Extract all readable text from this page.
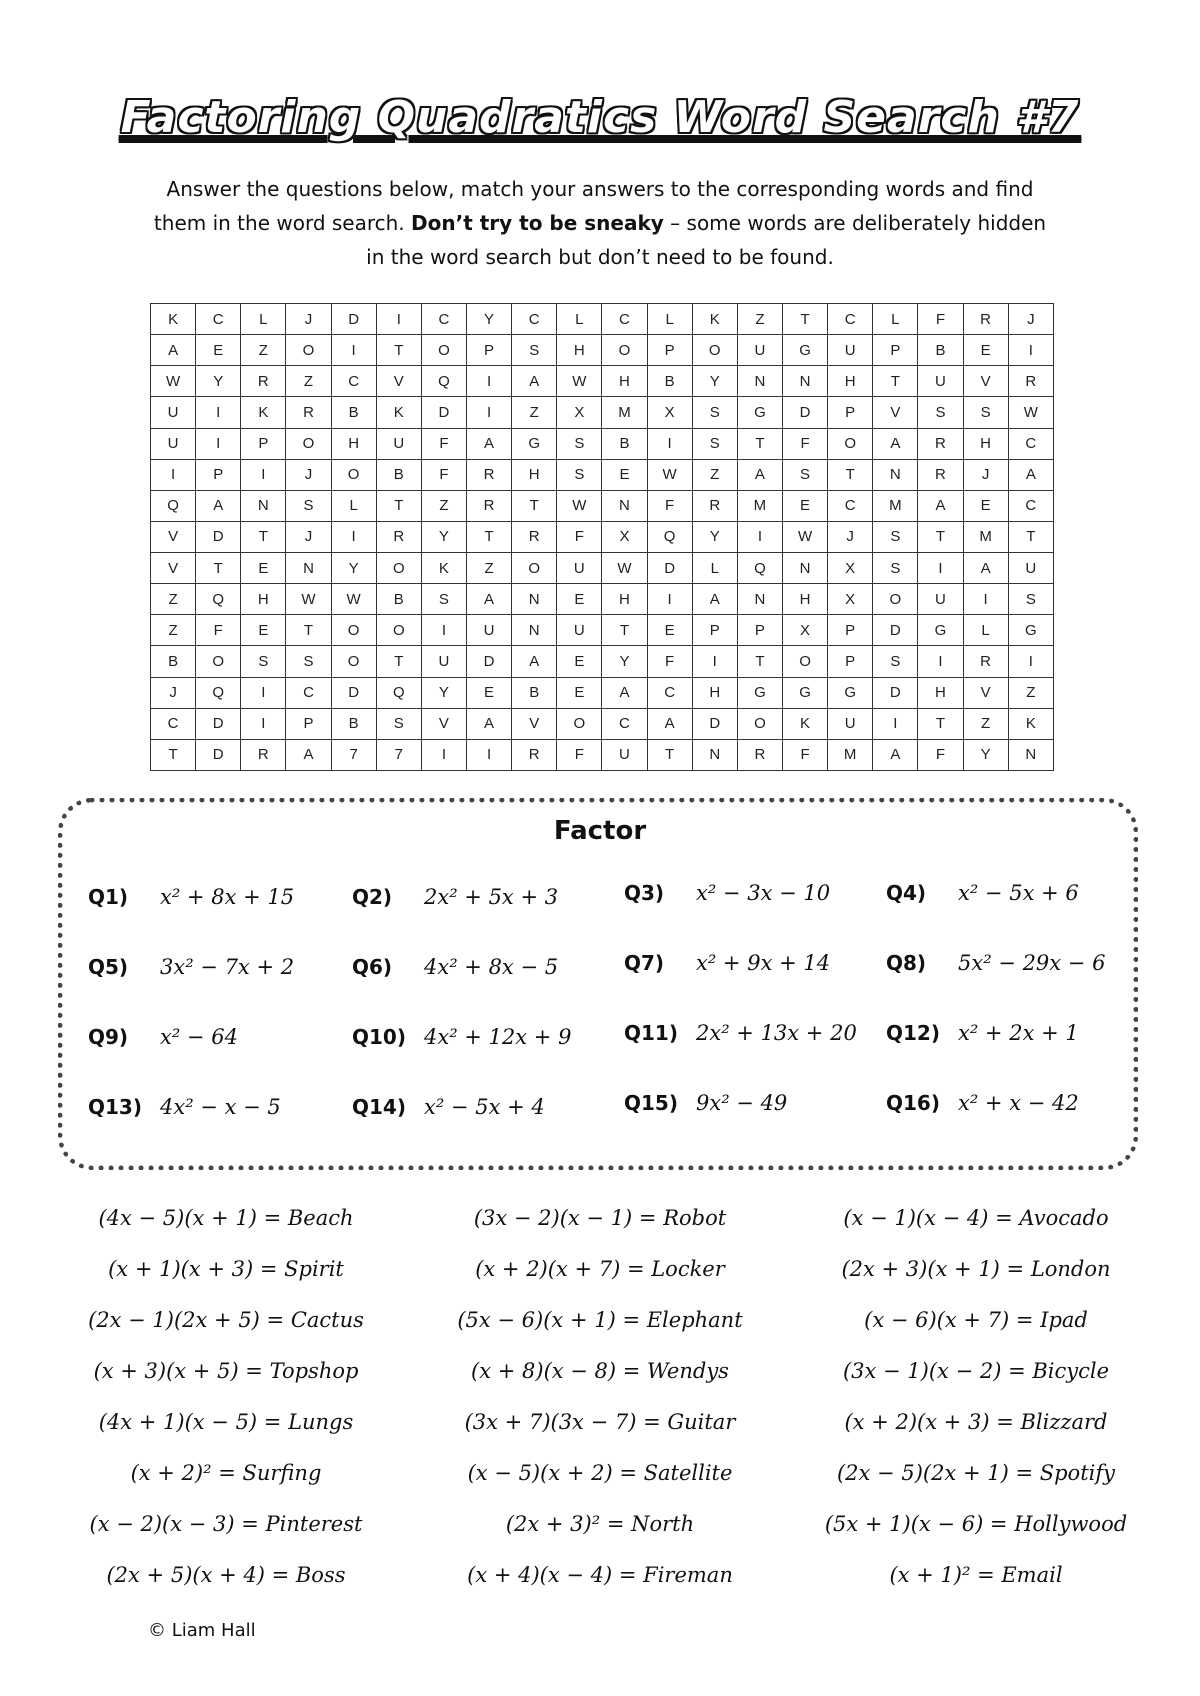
Factoring Quadratics Word Search #7
Answer the questions below, match your answers to the corresponding words and find them in the word search. Don’t try to be sneaky – some words are deliberately hidden in the word search but don’t need to be found.
K	C	L	J	D	I	C	Y	C	L	C	L	K	Z	T	C	L	F	R	J
A	E	Z	O	I	T	O	P	S	H	O	P	O	U	G	U	P	B	E	I
W	Y	R	Z	C	V	Q	I	A	W	H	B	Y	N	N	H	T	U	V	R
U	I	K	R	B	K	D	I	Z	X	M	X	S	G	D	P	V	S	S	W
U	I	P	O	H	U	F	A	G	S	B	I	S	T	F	O	A	R	H	C
I	P	I	J	O	B	F	R	H	S	E	W	Z	A	S	T	N	R	J	A
Q	A	N	S	L	T	Z	R	T	W	N	F	R	M	E	C	M	A	E	C
V	D	T	J	I	R	Y	T	R	F	X	Q	Y	I	W	J	S	T	M	T
V	T	E	N	Y	O	K	Z	O	U	W	D	L	Q	N	X	S	I	A	U
Z	Q	H	W	W	B	S	A	N	E	H	I	A	N	H	X	O	U	I	S
Z	F	E	T	O	O	I	U	N	U	T	E	P	P	X	P	D	G	L	G
B	O	S	S	O	T	U	D	A	E	Y	F	I	T	O	P	S	I	R	I
J	Q	I	C	D	Q	Y	E	B	E	A	C	H	G	G	G	D	H	V	Z
C	D	I	P	B	S	V	A	V	O	C	A	D	O	K	U	I	T	Z	K
T	D	R	A	7	7	I	I	R	F	U	T	N	R	F	M	A	F	Y	N
Factor
Q1)	x² + 8x + 15	Q2)	2x² + 5x + 3	Q3)	x² − 3x − 10	Q4)	x² − 5x + 6
Q5)	3x² − 7x + 2	Q6)	4x² + 8x − 5	Q7)	x² + 9x + 14	Q8)	5x² − 29x − 6
Q9)	x² − 64	Q10) 4x² + 12x + 9	Q11) 2x² + 13x + 20 Q12) x² + 2x + 1
Q13) 4x² − x − 5	Q14) x² − 5x + 4	Q15) 9x² − 49	Q16) x² + x − 42
(4x − 5)(x + 1) = Beach	(3x − 2)(x − 1) = Robot	(x − 1)(x − 4) = Avocado
(x + 1)(x + 3) = Spirit	(x + 2)(x + 7) = Locker	(2x + 3)(x + 1) = London
(2x − 1)(2x + 5) = Cactus	(5x − 6)(x + 1) = Elephant	(x − 6)(x + 7) = Ipad
(x + 3)(x + 5) = Topshop	(x + 8)(x − 8) = Wendys	(3x − 1)(x − 2) = Bicycle
(4x + 1)(x − 5) = Lungs	(3x + 7)(3x − 7) = Guitar	(x + 2)(x + 3) = Blizzard
(x + 2)² = Surfing	(x − 5)(x + 2) = Satellite	(2x − 5)(2x + 1) = Spotify
(x − 2)(x − 3) = Pinterest	(2x + 3)² = North	(5x + 1)(x − 6) = Hollywood
(2x + 5)(x + 4) = Boss	(x + 4)(x − 4) = Fireman	(x + 1)² = Email
© Liam Hall
